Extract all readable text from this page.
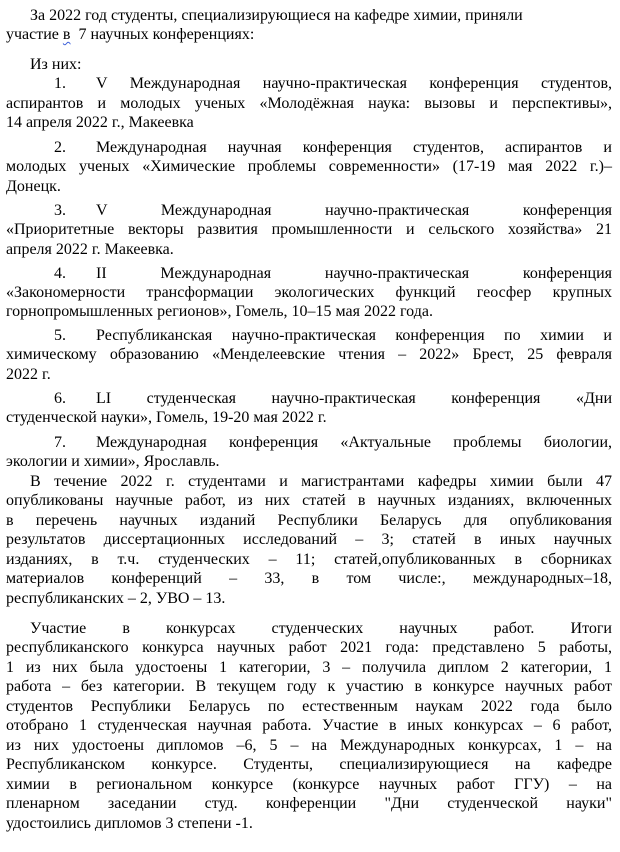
За 2022 год студенты, специализирующиеся на кафедре химии, приняли
участие в  7 научных конференциях:
Из них:
1. V Международная научно-практическая конференция студентов,
аспирантов и молодых ученых «Молодёжная наука: вызовы и перспективы»,
14 апреля 2022 г., Макеевка
2. Международная научная конференция студентов, аспирантов и
молодых ученых «Химические проблемы современности» (17-19 мая 2022 г.)–
Донецк.
3. V Международная научно-практическая конференция
«Приоритетные векторы развития промышленности и сельского хозяйства» 21
апреля 2022 г. Макеевка.
4. II Международная научно-практическая конференция
«Закономерности трансформации экологических функций геосфер крупных
горнопромышленных регионов», Гомель, 10–15 мая 2022 года.
5. Республиканская научно-практическая конференция по химии и
химическому образованию «Менделеевские чтения – 2022» Брест, 25 февраля
2022 г.
6. LI студенческая научно-практическая конференция «Дни
студенческой науки», Гомель, 19-20 мая 2022 г.
7. Международная конференция «Актуальные проблемы биологии,
экологии и химии», Ярославль.
В течение 2022 г. студентами и магистрантами кафедры химии были 47
опубликованы научные работ, из них статей в научных изданиях, включенных
в перечень научных изданий Республики Беларусь для опубликования
результатов диссертационных исследований – 3; статей в иных научных
изданиях, в т.ч. студенческих – 11; статей,опубликованных в сборниках
материалов конференций – 33, в том числе:, международных–18,
республиканских – 2, УВО – 13.
Участие в конкурсах студенческих научных работ. Итоги
республиканского конкурса научных работ 2021 года: представлено 5 работы,
1 из них была удостоены 1 категории, 3 – получила диплом 2 категории, 1
работа – без категории. В текущем году к участию в конкурсе научных работ
студентов Республики Беларусь по естественным наукам 2022 года было
отобрано 1 студенческая научная работа. Участие в иных конкурсах – 6 работ,
из них удостоены дипломов –6, 5 – на Международных конкурсах, 1 – на
Республиканском конкурсе. Студенты, специализирующиеся на кафедре
химии в региональном конкурсе (конкурсе научных работ ГГУ) – на
пленарном заседании студ. конференции "Дни студенческой науки"
удостоились дипломов 3 степени -1.
